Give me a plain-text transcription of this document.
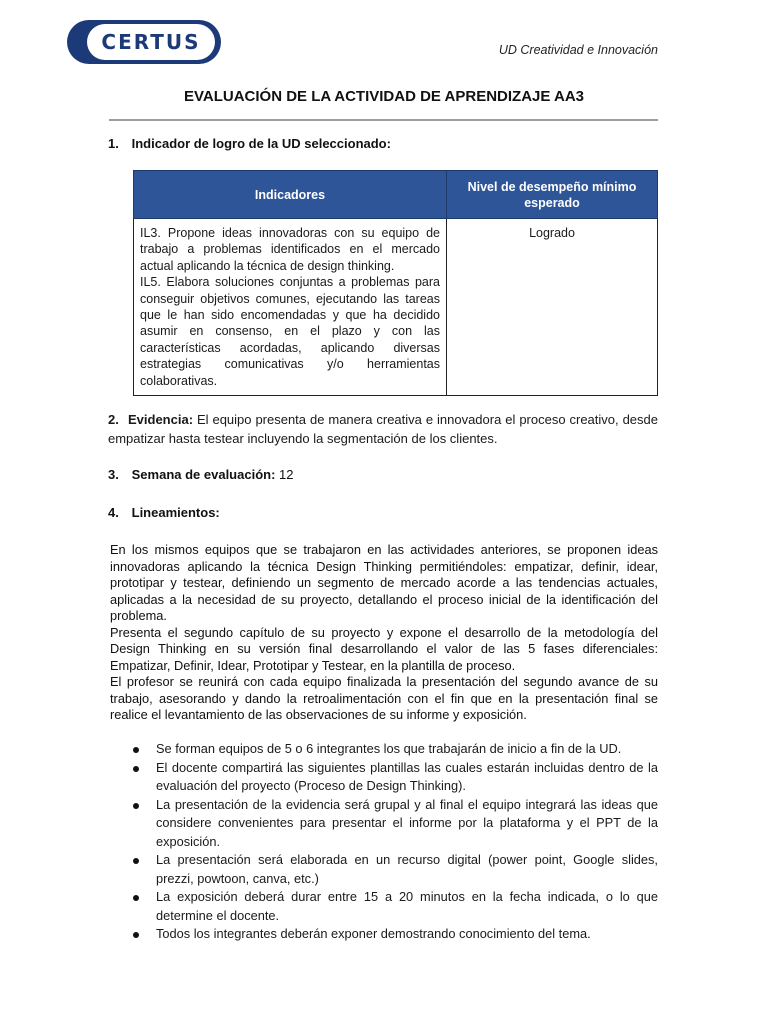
CERTUS	UD Creatividad e Innovación
EVALUACIÓN DE LA ACTIVIDAD DE APRENDIZAJE AA3
1. Indicador de logro de la UD seleccionado:
Indicadores	Nivel de desempeño mínimo esperado

IL3. Propone ideas innovadoras con su equipo de trabajo a problemas identificados en el mercado actual aplicando la técnica de design thinking.
IL5. Elabora soluciones conjuntas a problemas para conseguir objetivos comunes, ejecutando las tareas que le han sido encomendadas y que ha decidido asumir en consenso, en el plazo y con las características acordadas, aplicando diversas estrategias comunicativas y/o herramientas colaborativas.	Logrado
2. Evidencia: El equipo presenta de manera creativa e innovadora el proceso creativo, desde empatizar hasta testear incluyendo la segmentación de los clientes.
3. Semana de evaluación: 12
4. Lineamientos:

En los mismos equipos que se trabajaron en las actividades anteriores, se proponen ideas innovadoras aplicando la técnica Design Thinking permitiéndoles: empatizar, definir, idear, prototipar y testear, definiendo un segmento de mercado acorde a las tendencias actuales, aplicadas a la necesidad de su proyecto, detallando el proceso inicial de la identificación del problema.

Presenta el segundo capítulo de su proyecto y expone el desarrollo de la metodología del Design Thinking en su versión final desarrollando el valor de las 5 fases diferenciales: Empatizar, Definir, Idear, Prototipar y Testear, en la plantilla de proceso.

El profesor se reunirá con cada equipo finalizada la presentación del segundo avance de su trabajo, asesorando y dando la retroalimentación con el fin que en la presentación final se realice el levantamiento de las observaciones de su informe y exposición.

Se forman equipos de 5 o 6 integrantes los que trabajarán de inicio a fin de la UD.
El docente compartirá las siguientes plantillas las cuales estarán incluidas dentro de la evaluación del proyecto (Proceso de Design Thinking).
La presentación de la evidencia será grupal y al final el equipo integrará las ideas que considere convenientes para presentar el informe por la plataforma y el PPT de la exposición.
La presentación será elaborada en un recurso digital (power point, Google slides, prezzi, powtoon, canva, etc.)
La exposición deberá durar entre 15 a 20 minutos en la fecha indicada, o lo que determine el docente.
Todos los integrantes deberán exponer demostrando conocimiento del tema.
